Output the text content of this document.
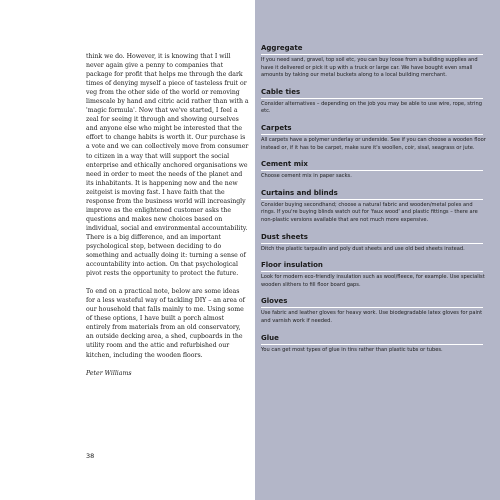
think we do. However, it is knowing that I will never again give a penny to companies that package for profit that helps me through the dark times of denying myself a piece of tasteless fruit or veg from the other side of the world or removing limescale by hand and citric acid rather than with a 'magic formula'. Now that we've started, I feel a zeal for seeing it through and showing ourselves and anyone else who might be interested that the effort to change habits is worth it. Our purchase is a vote and we can collectively move from consumer to citizen in a way that will support the social enterprise and ethically anchored organisations we need in order to meet the needs of the planet and its inhabitants. It is happening now and the new zeitgeist is moving fast. I have faith that the response from the business world will increasingly improve as the enlightened customer asks the questions and makes new choices based on individual, social and environmental accountability. There is a big difference, and an important psychological step, between deciding to do something and actually doing it: turning a sense of accountability into action. On that psychological pivot rests the opportunity to protect the future.

To end on a practical note, below are some ideas for a less wasteful way of tackling DIY – an area of our household that falls mainly to me. Using some of these options, I have built a porch almost entirely from materials from an old conservatory, an outside decking area, a shed, cupboards in the utility room and the attic and refurbished our kitchen, including the wooden floors.

Peter Williams

38
Aggregate
If you need sand, gravel, top soil etc, you can buy loose from a building supplies and have it delivered or pick it up with a truck or large car. We have bought even small amounts by taking our metal buckets along to a local building merchant.
Cable ties
Consider alternatives – depending on the job you may be able to use wire, rope, string etc.
Carpets
All carpets have a polymer underlay or underside. See if you can choose a wooden floor instead or, if it has to be carpet, make sure it's woollen, coir, sisal, seagrass or jute.
Cement mix
Choose cement mix in paper sacks.
Curtains and blinds
Consider buying secondhand; choose a natural fabric and wooden/metal poles and rings. If you're buying blinds watch out for 'faux wood' and plastic fittings – there are non-plastic versions available that are not much more expensive.
Dust sheets
Ditch the plastic tarpaulin and poly dust sheets and use old bed sheets instead.
Floor insulation
Look for modern eco-friendly insulation such as wool/fleece, for example. Use specialist wooden slithers to fill floor board gaps.
Gloves
Use fabric and leather gloves for heavy work. Use biodegradable latex gloves for paint and varnish work if needed.
Glue
You can get most types of glue in tins rather than plastic tubs or tubes.
